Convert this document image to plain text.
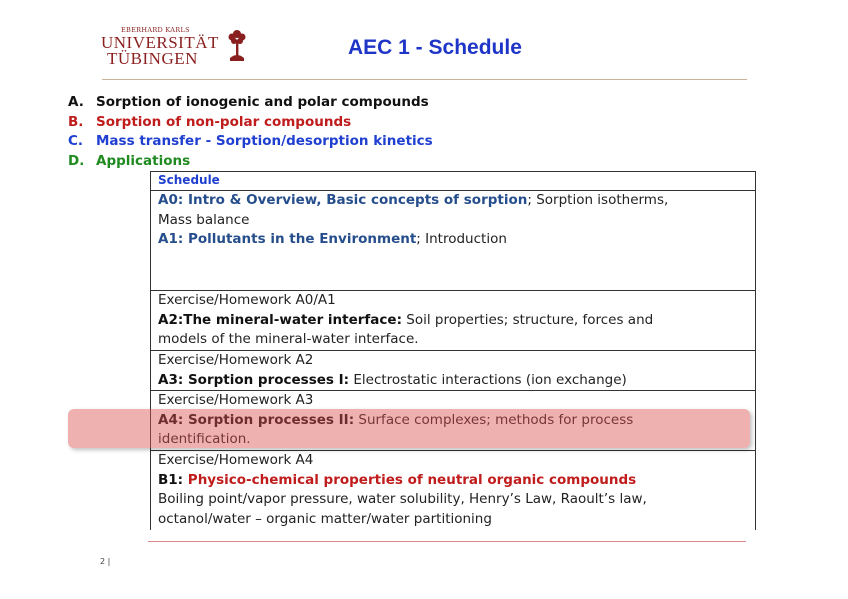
EBERHARD KARLS
UNIVERSITÄT
TÜBINGEN	AEC 1 - Schedule
A. Sorption of ionogenic and polar compounds
B. Sorption of non-polar compounds
C. Mass transfer - Sorption/desorption kinetics
D. Applications
Schedule
A0: Intro & Overview, Basic concepts of sorption; Sorption isotherms,
Mass balance
A1: Pollutants in the Environment; Introduction
Exercise/Homework A0/A1
A2:The mineral-water interface: Soil properties; structure, forces and
models of the mineral-water interface.
Exercise/Homework A2
A3: Sorption processes I: Electrostatic interactions (ion exchange)
Exercise/Homework A3
A4: Sorption processes II: Surface complexes; methods for process
identification.
Exercise/Homework A4
B1: Physico-chemical properties of neutral organic compounds
Boiling point/vapor pressure, water solubility, Henry’s Law, Raoult’s law,
octanol/water – organic matter/water partitioning
2 |
